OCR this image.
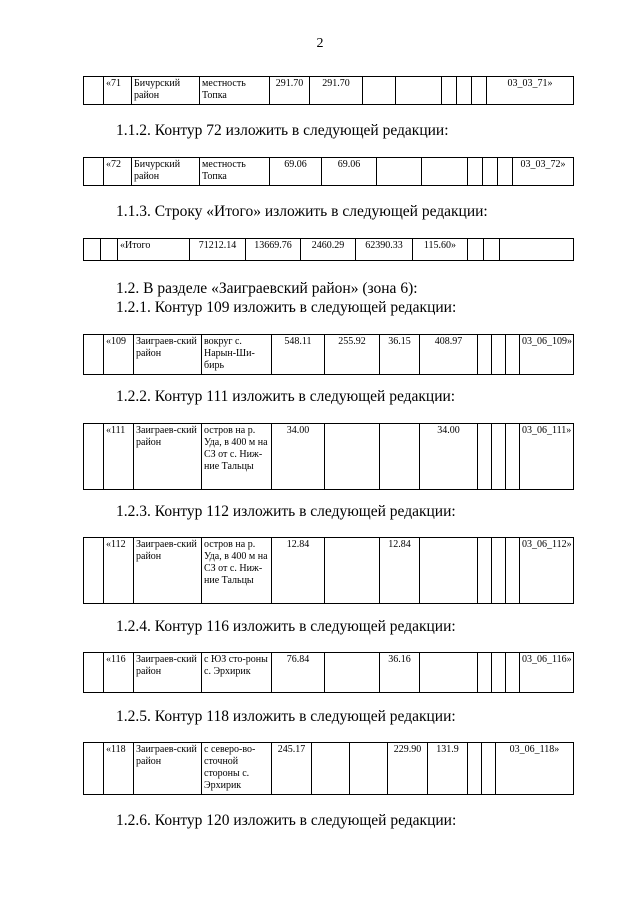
2
	«71	Бичурский район	местность Топка	291.70	291.70						03_03_71»
1.1.2. Контур 72 изложить в следующей редакции:
	«72	Бичурский район	местность Топка	69.06	69.06						03_03_72»
1.1.3. Строку «Итого» изложить в следующей редакции:
		«Итого	71212.14	13669.76	2460.29	62390.33	115.60»			
1.2. В разделе «Заиграевский район» (зона 6):
1.2.1. Контур 109 изложить в следующей редакции:
	«109	Заиграев-ский район	вокруг с. Нарын-Ши-бирь	548.11	255.92	36.15	408.97				03_06_109»
1.2.2. Контур 111 изложить в следующей редакции:
	«111	Заиграев-ский район	остров на р. Уда, в 400 м на СЗ от с. Ниж-ние Тальцы	34.00			34.00				03_06_111»
1.2.3. Контур 112 изложить в следующей редакции:
	«112	Заиграев-ский район	остров на р. Уда, в 400 м на СЗ от с. Ниж-ние Тальцы	12.84		12.84					03_06_112»
1.2.4. Контур 116 изложить в следующей редакции:
	«116	Заиграев-ский район	с ЮЗ сто-роны с. Эрхирик	76.84		36.16					03_06_116»
1.2.5. Контур 118 изложить в следующей редакции:
	«118	Заиграев-ский район	с северо-во-сточной стороны с. Эрхирик	245.17			229.90	131.9			03_06_118»
1.2.6. Контур 120 изложить в следующей редакции:
